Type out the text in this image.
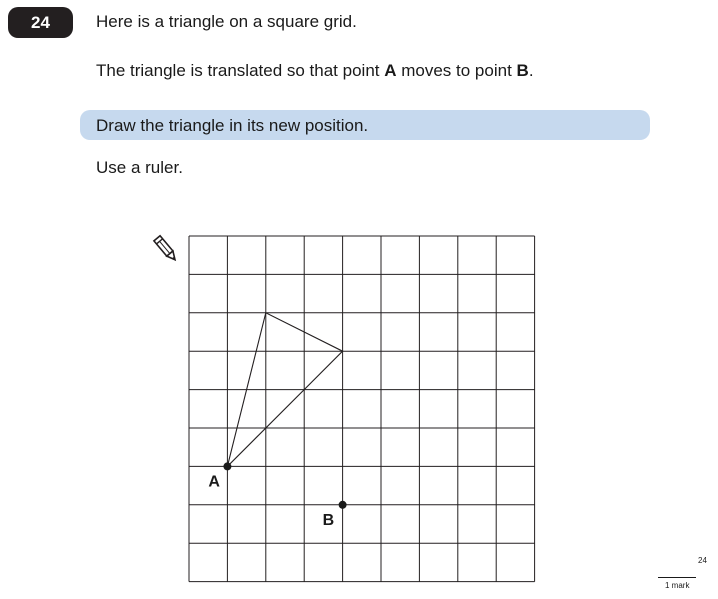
24	Here is a triangle on a square grid.
The triangle is translated so that point A moves to point B.
Draw the triangle in its new position.
Use a ruler.
A
B
24
1 mark
